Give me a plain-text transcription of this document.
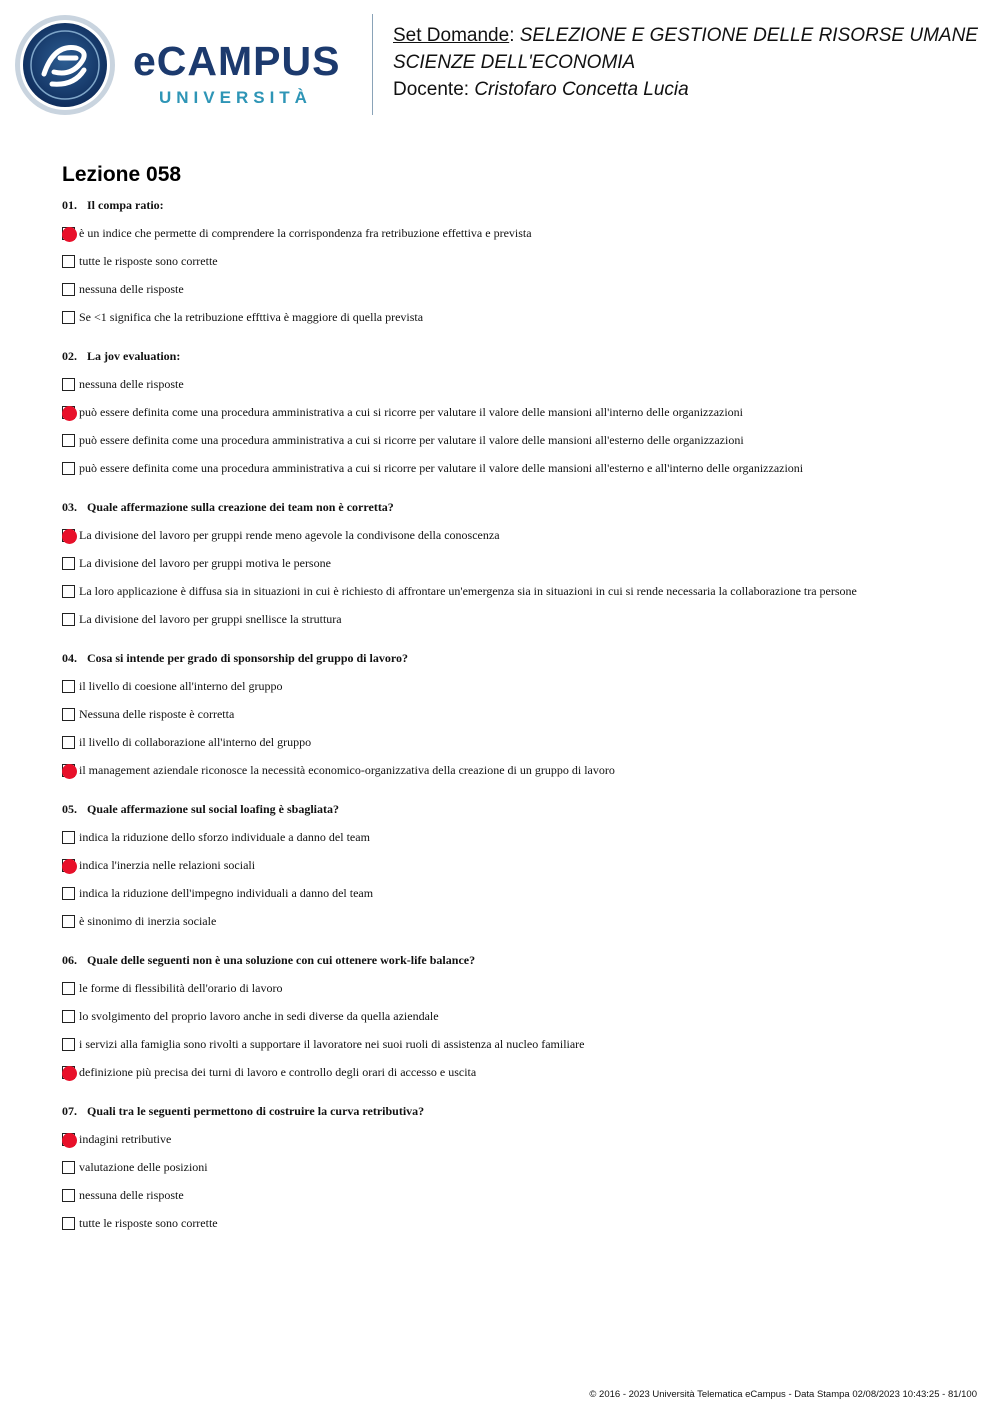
eCAMPUS
UNIVERSITÀ
Set Domande: SELEZIONE E GESTIONE DELLE RISORSE UMANE
SCIENZE DELL'ECONOMIA
Docente: Cristofaro Concetta Lucia
Lezione 058
01. Il compa ratio:
è un indice che permette di comprendere la corrispondenza fra retribuzione effettiva e prevista
tutte le risposte sono corrette
nessuna delle risposte
Se <1 significa che la retribuzione effttiva è maggiore di quella prevista
02. La jov evaluation:
nessuna delle risposte
può essere definita come una procedura amministrativa a cui si ricorre per valutare il valore delle mansioni all'interno delle organizzazioni
può essere definita come una procedura amministrativa a cui si ricorre per valutare il valore delle mansioni all'esterno delle organizzazioni
può essere definita come una procedura amministrativa a cui si ricorre per valutare il valore delle mansioni all'esterno e all'interno delle organizzazioni
03. Quale affermazione sulla creazione dei team non è corretta?
La divisione del lavoro per gruppi rende meno agevole la condivisone della conoscenza
La divisione del lavoro per gruppi motiva le persone
La loro applicazione è diffusa sia in situazioni in cui è richiesto di affrontare un'emergenza sia in situazioni in cui si rende necessaria la collaborazione tra persone
La divisione del lavoro per gruppi snellisce la struttura
04. Cosa si intende per grado di sponsorship del gruppo di lavoro?
il livello di coesione all'interno del gruppo
Nessuna delle risposte è corretta
il livello di collaborazione all'interno del gruppo
il management aziendale riconosce la necessità economico-organizzativa della creazione di un gruppo di lavoro
05. Quale affermazione sul social loafing è sbagliata?
indica la riduzione dello sforzo individuale a danno del team
indica l'inerzia nelle relazioni sociali
indica la riduzione dell'impegno individuali a danno del team
è sinonimo di inerzia sociale
06. Quale delle seguenti non è una soluzione con cui ottenere work-life balance?
le forme di flessibilità dell'orario di lavoro
lo svolgimento del proprio lavoro anche in sedi diverse da quella aziendale
i servizi alla famiglia sono rivolti a supportare il lavoratore nei suoi ruoli di assistenza al nucleo familiare
definizione più precisa dei turni di lavoro e controllo degli orari di accesso e uscita
07. Quali tra le seguenti permettono di costruire la curva retributiva?
indagini retributive
valutazione delle posizioni
nessuna delle risposte
tutte le risposte sono corrette
© 2016 - 2023 Università Telematica eCampus - Data Stampa 02/08/2023 10:43:25 - 81/100
